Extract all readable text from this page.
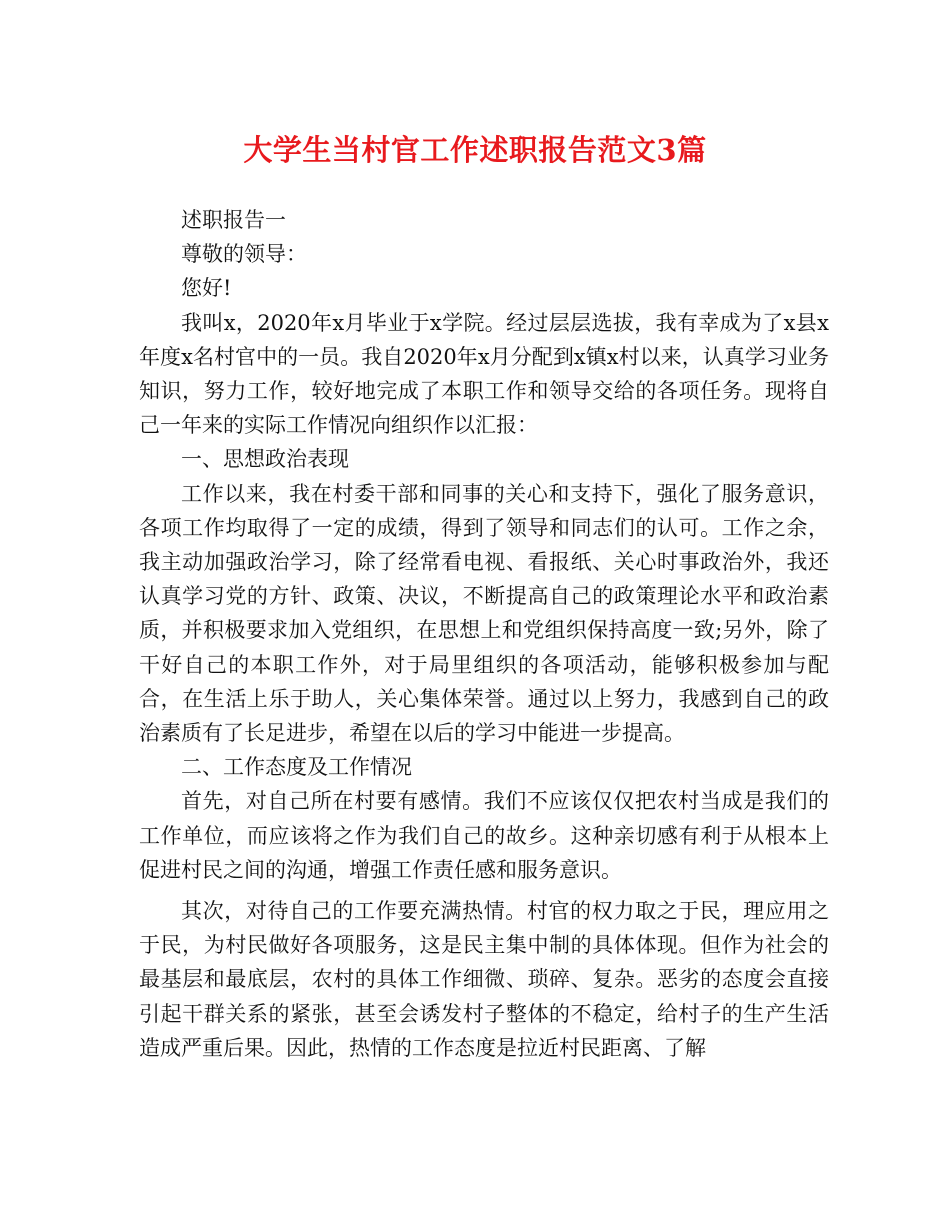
大学生当村官工作述职报告范文3篇

述职报告一

尊敬的领导：

您好!

我叫x，2020年x月毕业于x学院。经过层层选拔，我有幸成为了x县x年度x名村官中的一员。我自2020年x月分配到x镇x村以来，认真学习业务知识，努力工作，较好地完成了本职工作和领导交给的各项任务。现将自己一年来的实际工作情况向组织作以汇报：

一、思想政治表现

工作以来，我在村委干部和同事的关心和支持下，强化了服务意识，各项工作均取得了一定的成绩，得到了领导和同志们的认可。工作之余，我主动加强政治学习，除了经常看电视、看报纸、关心时事政治外，我还认真学习党的方针、政策、决议，不断提高自己的政策理论水平和政治素质，并积极要求加入党组织，在思想上和党组织保持高度一致;另外，除了干好自己的本职工作外，对于局里组织的各项活动，能够积极参加与配合，在生活上乐于助人，关心集体荣誉。通过以上努力，我感到自己的政治素质有了长足进步，希望在以后的学习中能进一步提高。

二、工作态度及工作情况

首先，对自己所在村要有感情。我们不应该仅仅把农村当成是我们的工作单位，而应该将之作为我们自己的故乡。这种亲切感有利于从根本上促进村民之间的沟通，增强工作责任感和服务意识。

其次，对待自己的工作要充满热情。村官的权力取之于民，理应用之于民，为村民做好各项服务，这是民主集中制的具体体现。但作为社会的最基层和最底层，农村的具体工作细微、琐碎、复杂。恶劣的态度会直接引起干群关系的紧张，甚至会诱发村子整体的不稳定，给村子的生产生活造成严重后果。因此，热情的工作态度是拉近村民距离、了解
